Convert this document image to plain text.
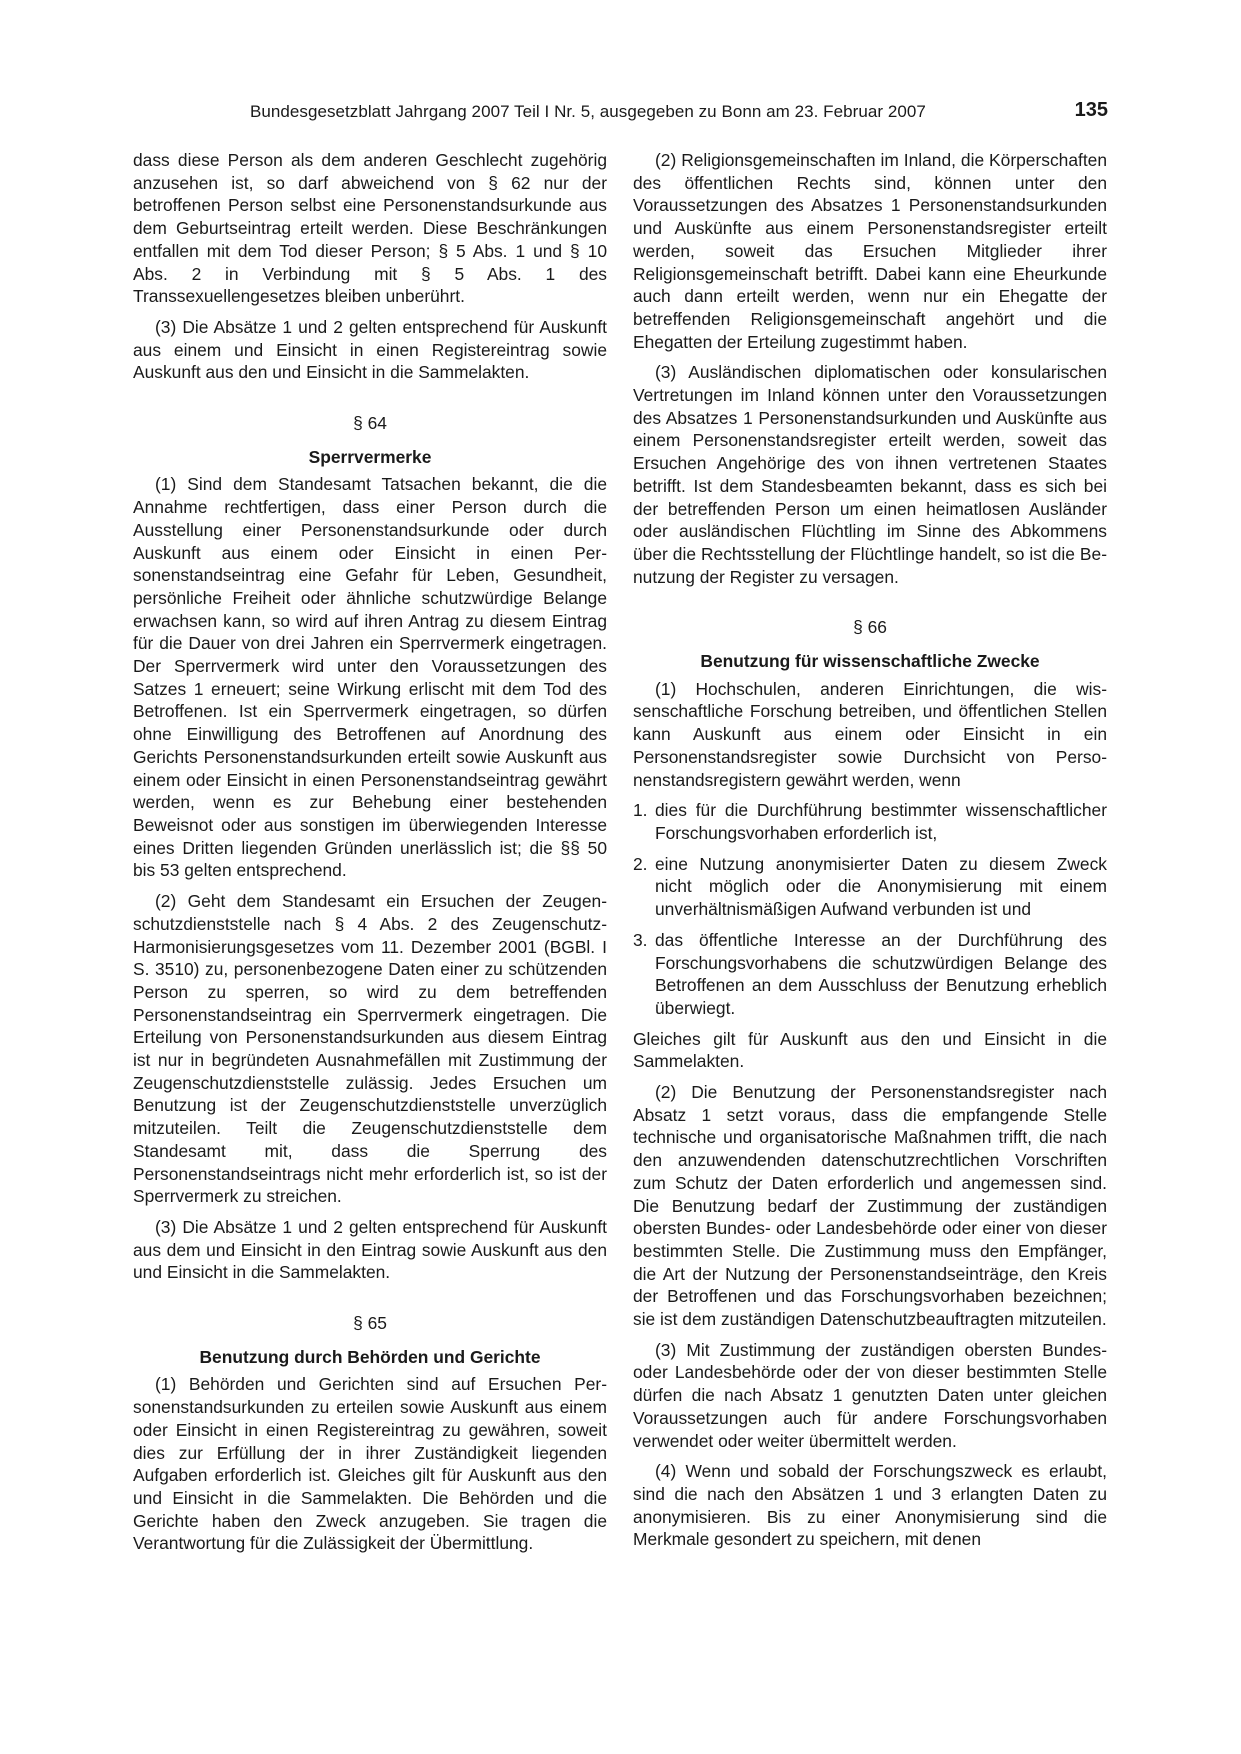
Bundesgesetzblatt Jahrgang 2007 Teil I Nr. 5, ausgegeben zu Bonn am 23. Februar 2007	135

dass diese Person als dem anderen Geschlecht zugehörig anzusehen ist, so darf abweichend von § 62 nur der betroffenen Person selbst eine Personenstandsurkunde aus dem Geburtseintrag erteilt werden. Diese Beschränkungen entfallen mit dem Tod dieser Person; § 5 Abs. 1 und § 10 Abs. 2 in Verbindung mit § 5 Abs. 1 des Transsexuellengesetzes bleiben unberührt.

(3) Die Absätze 1 und 2 gelten entsprechend für Auskunft aus einem und Einsicht in einen Registereintrag sowie Auskunft aus den und Einsicht in die Sammelakten.

§ 64

Sperrvermerke

(1) Sind dem Standesamt Tatsachen bekannt, die die Annahme rechtfertigen, dass einer Person durch die Ausstellung einer Personenstandsurkunde oder durch Auskunft aus einem oder Einsicht in einen Personenstandseintrag eine Gefahr für Leben, Gesundheit, persönliche Freiheit oder ähnliche schutzwürdige Belange erwachsen kann, so wird auf ihren Antrag zu diesem Eintrag für die Dauer von drei Jahren ein Sperrvermerk eingetragen. Der Sperrvermerk wird unter den Voraussetzungen des Satzes 1 erneuert; seine Wirkung erlischt mit dem Tod des Betroffenen. Ist ein Sperrvermerk eingetragen, so dürfen ohne Einwilligung des Betroffenen auf Anordnung des Gerichts Personenstandsurkunden erteilt sowie Auskunft aus einem oder Einsicht in einen Personenstandseintrag gewährt werden, wenn es zur Behebung einer bestehenden Beweisnot oder aus sonstigen im überwiegenden Interesse eines Dritten liegenden Gründen unerlässlich ist; die §§ 50 bis 53 gelten entsprechend.

(2) Geht dem Standesamt ein Ersuchen der Zeugenschutzdienststelle nach § 4 Abs. 2 des Zeugenschutz-Harmonisierungsgesetzes vom 11. Dezember 2001 (BGBl. I S. 3510) zu, personenbezogene Daten einer zu schützenden Person zu sperren, so wird zu dem betreffenden Personenstandseintrag ein Sperrvermerk eingetragen. Die Erteilung von Personenstandsurkunden aus diesem Eintrag ist nur in begründeten Ausnahmefällen mit Zustimmung der Zeugenschutzdienststelle zulässig. Jedes Ersuchen um Benutzung ist der Zeugenschutzdienststelle unverzüglich mitzuteilen. Teilt die Zeugenschutzdienststelle dem Standesamt mit, dass die Sperrung des Personenstandseintrags nicht mehr erforderlich ist, so ist der Sperrvermerk zu streichen.

(3) Die Absätze 1 und 2 gelten entsprechend für Auskunft aus dem und Einsicht in den Eintrag sowie Auskunft aus den und Einsicht in die Sammelakten.

§ 65

Benutzung durch Behörden und Gerichte

(1) Behörden und Gerichten sind auf Ersuchen Personenstandsurkunden zu erteilen sowie Auskunft aus einem oder Einsicht in einen Registereintrag zu gewähren, soweit dies zur Erfüllung der in ihrer Zuständigkeit liegenden Aufgaben erforderlich ist. Gleiches gilt für Auskunft aus den und Einsicht in die Sammelakten. Die Behörden und die Gerichte haben den Zweck anzugeben. Sie tragen die Verantwortung für die Zulässigkeit der Übermittlung.

(2) Religionsgemeinschaften im Inland, die Körperschaften des öffentlichen Rechts sind, können unter den Voraussetzungen des Absatzes 1 Personenstandsurkunden und Auskünfte aus einem Personenstandsregister erteilt werden, soweit das Ersuchen Mitglieder ihrer Religionsgemeinschaft betrifft. Dabei kann eine Eheurkunde auch dann erteilt werden, wenn nur ein Ehegatte der betreffenden Religionsgemeinschaft angehört und die Ehegatten der Erteilung zugestimmt haben.

(3) Ausländischen diplomatischen oder konsularischen Vertretungen im Inland können unter den Voraussetzungen des Absatzes 1 Personenstandsurkunden und Auskünfte aus einem Personenstandsregister erteilt werden, soweit das Ersuchen Angehörige des von ihnen vertretenen Staates betrifft. Ist dem Standesbeamten bekannt, dass es sich bei der betreffenden Person um einen heimatlosen Ausländer oder ausländischen Flüchtling im Sinne des Abkommens über die Rechtsstellung der Flüchtlinge handelt, so ist die Benutzung der Register zu versagen.

§ 66

Benutzung für wissenschaftliche Zwecke

(1) Hochschulen, anderen Einrichtungen, die wissenschaftliche Forschung betreiben, und öffentlichen Stellen kann Auskunft aus einem oder Einsicht in ein Personenstandsregister sowie Durchsicht von Personenstandsregistern gewährt werden, wenn

1. dies für die Durchführung bestimmter wissenschaftlicher Forschungsvorhaben erforderlich ist,
2. eine Nutzung anonymisierter Daten zu diesem Zweck nicht möglich oder die Anonymisierung mit einem unverhältnismäßigen Aufwand verbunden ist und
3. das öffentliche Interesse an der Durchführung des Forschungsvorhabens die schutzwürdigen Belange des Betroffenen an dem Ausschluss der Benutzung erheblich überwiegt.

Gleiches gilt für Auskunft aus den und Einsicht in die Sammelakten.

(2) Die Benutzung der Personenstandsregister nach Absatz 1 setzt voraus, dass die empfangende Stelle technische und organisatorische Maßnahmen trifft, die nach den anzuwendenden datenschutzrechtlichen Vorschriften zum Schutz der Daten erforderlich und angemessen sind. Die Benutzung bedarf der Zustimmung der zuständigen obersten Bundes- oder Landesbehörde oder einer von dieser bestimmten Stelle. Die Zustimmung muss den Empfänger, die Art der Nutzung der Personenstandseinträge, den Kreis der Betroffenen und das Forschungsvorhaben bezeichnen; sie ist dem zuständigen Datenschutzbeauftragten mitzuteilen.

(3) Mit Zustimmung der zuständigen obersten Bundes- oder Landesbehörde oder der von dieser bestimmten Stelle dürfen die nach Absatz 1 genutzten Daten unter gleichen Voraussetzungen auch für andere Forschungsvorhaben verwendet oder weiter übermittelt werden.

(4) Wenn und sobald der Forschungszweck es erlaubt, sind die nach den Absätzen 1 und 3 erlangten Daten zu anonymisieren. Bis zu einer Anonymisierung sind die Merkmale gesondert zu speichern, mit denen
